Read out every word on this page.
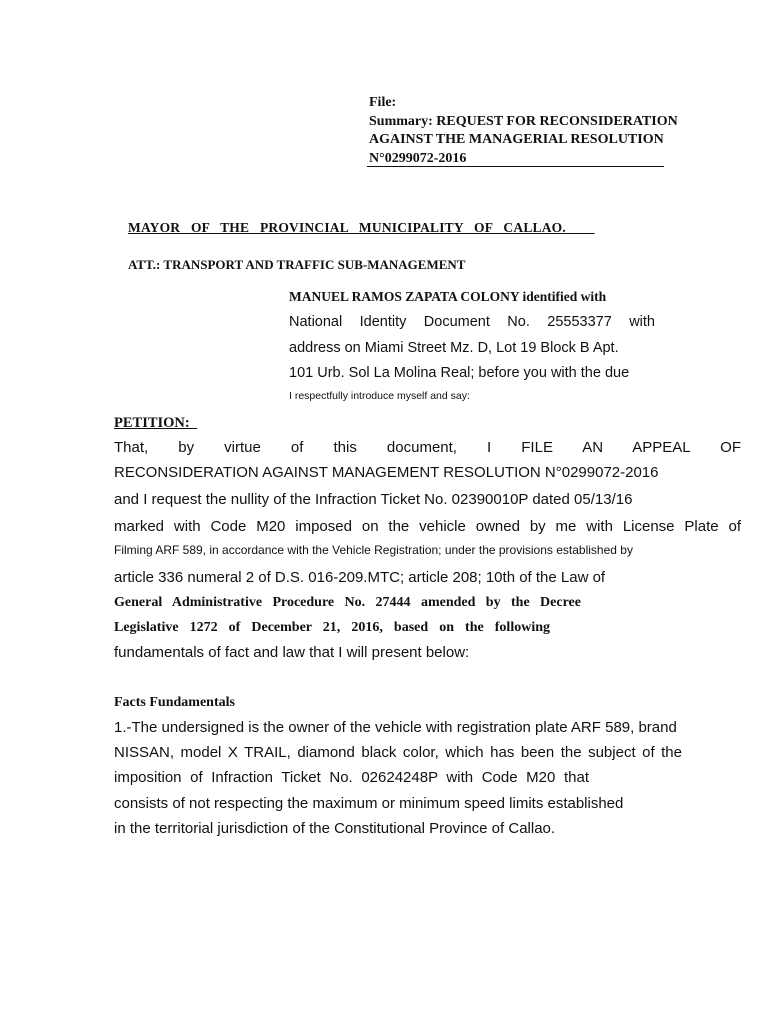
File:
Summary: REQUEST FOR RECONSIDERATION
AGAINST THE MANAGERIAL RESOLUTION
N°0299072-2016
MAYOR   OF   THE   PROVINCIAL   MUNICIPALITY   OF   CALLAO.
ATT.: TRANSPORT AND TRAFFIC SUB-MANAGEMENT
MANUEL RAMOS ZAPATA COLONY identified with
National Identity Document No. 25553377 with
address on Miami Street Mz. D, Lot 19 Block B Apt.
101 Urb. Sol La Molina Real; before you with the due
I respectfully introduce myself and say:
PETITION:
That, by virtue of this document, I FILE AN APPEAL OF
RECONSIDERATION AGAINST MANAGEMENT RESOLUTION N°0299072-2016
and I request the nullity of the Infraction Ticket No. 02390010P dated 05/13/16
marked with Code M20 imposed on the vehicle owned by me with License Plate of
Filming ARF 589, in accordance with the Vehicle Registration; under the provisions established by
article 336 numeral 2 of D.S. 016-209.MTC; article 208; 10th of the Law of
General Administrative Procedure No. 27444 amended by the Decree
Legislative 1272 of December 21, 2016, based on the following
fundamentals of fact and law that I will present below:
Facts Fundamentals
1.-The undersigned is the owner of the vehicle with registration plate ARF 589, brand
NISSAN, model X TRAIL, diamond black color, which has been the subject of the
imposition of Infraction Ticket No. 02624248P with Code M20 that
consists of not respecting the maximum or minimum speed limits established
in the territorial jurisdiction of the Constitutional Province of Callao.
